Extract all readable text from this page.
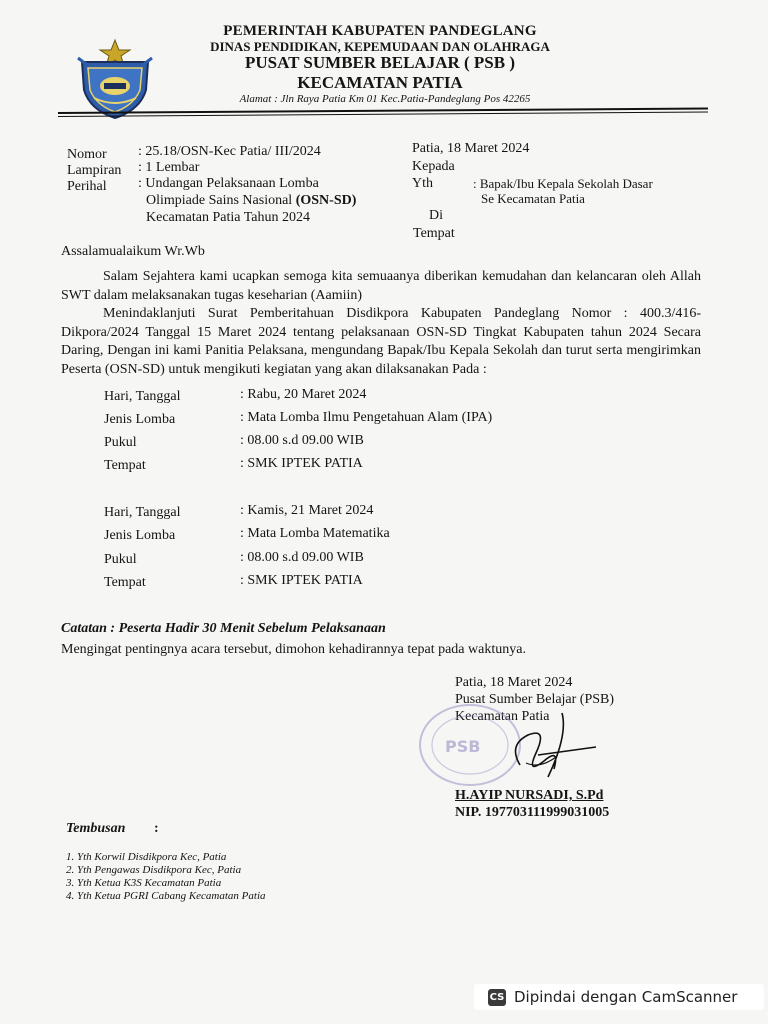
PEMERINTAH KABUPATEN PANDEGLANG
DINAS PENDIDIKAN, KEPEMUDAAN DAN OLAHRAGA
PUSAT SUMBER BELAJAR ( PSB )
KECAMATAN PATIA
Alamat : Jln Raya Patia Km 01 Kec.Patia-Pandeglang Pos 42265
Nomor : 25.18/OSN-Kec Patia/ III/2024
Lampiran : 1 Lembar
Perihal : Undangan Pelaksanaan Lomba
Olimpiade Sains Nasional (OSN-SD)
Kecamatan Patia Tahun 2024
Patia, 18 Maret 2024
Kepada
Yth	: Bapak/Ibu Kepala Sekolah Dasar
Se Kecamatan Patia
Di
Tempat
Assalamualaikum Wr.Wb
Salam Sejahtera kami ucapkan semoga kita semuaanya diberikan kemudahan dan kelancaran oleh Allah SWT dalam melaksanakan tugas keseharian (Aamiin)
Menindaklanjuti Surat Pemberitahuan Disdikpora Kabupaten Pandeglang Nomor : 400.3/416-Dikpora/2024 Tanggal 15 Maret 2024 tentang pelaksanaan OSN-SD Tingkat Kabupaten tahun 2024 Secara Daring, Dengan ini kami Panitia Pelaksana, mengundang Bapak/Ibu Kepala Sekolah dan turut serta mengirimkan Peserta (OSN-SD) untuk mengikuti kegiatan yang akan dilaksanakan Pada :
Hari, Tanggal	: Rabu, 20 Maret 2024
Jenis Lomba	: Mata Lomba Ilmu Pengetahuan Alam (IPA)
Pukul	: 08.00 s.d 09.00 WIB
Tempat	: SMK IPTEK PATIA
Hari, Tanggal	: Kamis, 21 Maret 2024
Jenis Lomba	: Mata Lomba Matematika
Pukul	: 08.00 s.d 09.00 WIB
Tempat	: SMK IPTEK PATIA
Catatan : Peserta Hadir 30 Menit Sebelum Pelaksanaan
Mengingat pentingnya acara tersebut, dimohon kehadirannya tepat pada waktunya.
Patia, 18 Maret 2024
Pusat Sumber Belajar (PSB)
Kecamatan Patia
PSB
H.AYIP NURSADI, S.Pd
NIP. 197703111999031005
Tembusan :
1. Yth Korwil Disdikpora Kec, Patia
2. Yth Pengawas Disdikpora Kec, Patia
3. Yth Ketua K3S Kecamatan Patia
4. Yth Ketua PGRI Cabang Kecamatan Patia
CS Dipindai dengan CamScanner
